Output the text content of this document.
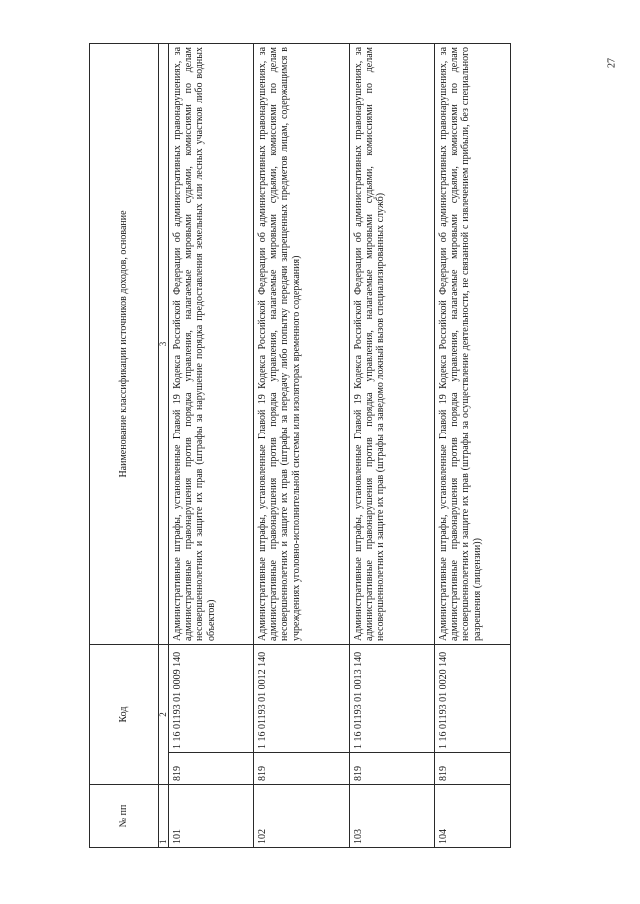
27
№ пп	Код		Наименование классификации источников доходов, основание
1	2		3
101	819	1 16 01193 01 0009 140	Административные штрафы, установленные Главой 19 Кодекса Российской Федерации об административных правонарушениях, за административные правонарушения против порядка управления, налагаемые мировыми судьями, комиссиями по делам несовершеннолетних и защите их прав (штрафы за нарушение порядка предоставления земельных или лесных участков либо водных объектов)
102	819	1 16 01193 01 0012 140	Административные штрафы, установленные Главой 19 Кодекса Российской Федерации об административных правонарушениях, за административные правонарушения против порядка управления, налагаемые мировыми судьями, комиссиями по делам несовершеннолетних и защите их прав (штрафы за передачу либо попытку передачи запрещенных предметов лицам, содержащимся в учреждениях уголовно-исполнительной системы или изоляторах временного содержания)
103	819	1 16 01193 01 0013 140	Административные штрафы, установленные Главой 19 Кодекса Российской Федерации об административных правонарушениях, за административные правонарушения против порядка управления, налагаемые мировыми судьями, комиссиями по делам несовершеннолетних и защите их прав (штрафы за заведомо ложный вызов специализированных служб)
104	819	1 16 01193 01 0020 140	Административные штрафы, установленные Главой 19 Кодекса Российской Федерации об административных правонарушениях, за административные правонарушения против порядка управления, налагаемые мировыми судьями, комиссиями по делам несовершеннолетних и защите их прав (штрафы за осуществление деятельности, не связанной с извлечением прибыли, без специального разрешения (лицензии))
